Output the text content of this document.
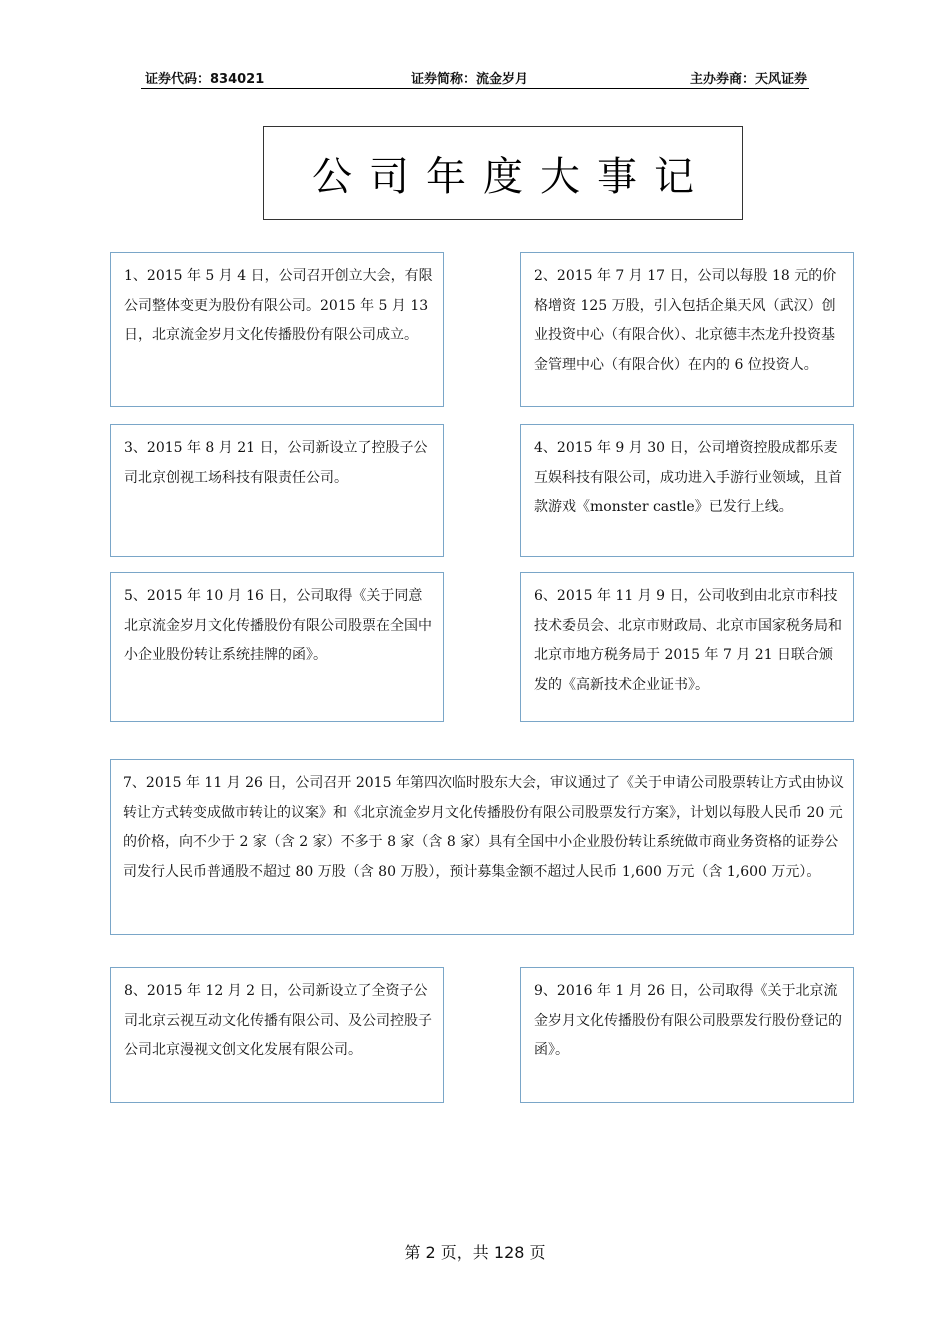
证券代码：834021	证券简称：流金岁月	主办券商：天风证券
公司年度大事记
1、2015 年 5 月 4 日，公司召开创立大会，有限公司整体变更为股份有限公司。2015 年 5 月 13 日，北京流金岁月文化传播股份有限公司成立。
2、2015 年 7 月 17 日，公司以每股 18 元的价格增资 125 万股，引入包括企巢天风（武汉）创业投资中心（有限合伙）、北京德丰杰龙升投资基金管理中心（有限合伙）在内的 6 位投资人。
3、2015 年 8 月 21 日，公司新设立了控股子公司北京创视工场科技有限责任公司。
4、2015 年 9 月 30 日，公司增资控股成都乐麦互娱科技有限公司，成功进入手游行业领域，且首款游戏《monster castle》已发行上线。
5、2015 年 10 月 16 日，公司取得《关于同意北京流金岁月文化传播股份有限公司股票在全国中小企业股份转让系统挂牌的函》。
6、2015 年 11 月 9 日，公司收到由北京市科技技术委员会、北京市财政局、北京市国家税务局和北京市地方税务局于 2015 年 7 月 21 日联合颁发的《高新技术企业证书》。
7、2015 年 11 月 26 日，公司召开 2015 年第四次临时股东大会，审议通过了《关于申请公司股票转让方式由协议转让方式转变成做市转让的议案》和《北京流金岁月文化传播股份有限公司股票发行方案》，计划以每股人民币 20 元的价格，向不少于 2 家（含 2 家）不多于 8 家（含 8 家）具有全国中小企业股份转让系统做市商业务资格的证券公司发行人民币普通股不超过 80 万股（含 80 万股），预计募集金额不超过人民币 1,600 万元（含 1,600 万元）。
8、2015 年 12 月 2 日，公司新设立了全资子公司北京云视互动文化传播有限公司、及公司控股子公司北京漫视文创文化发展有限公司。
9、2016 年 1 月 26 日，公司取得《关于北京流金岁月文化传播股份有限公司股票发行股份登记的函》。
第 2 页，共 128 页
